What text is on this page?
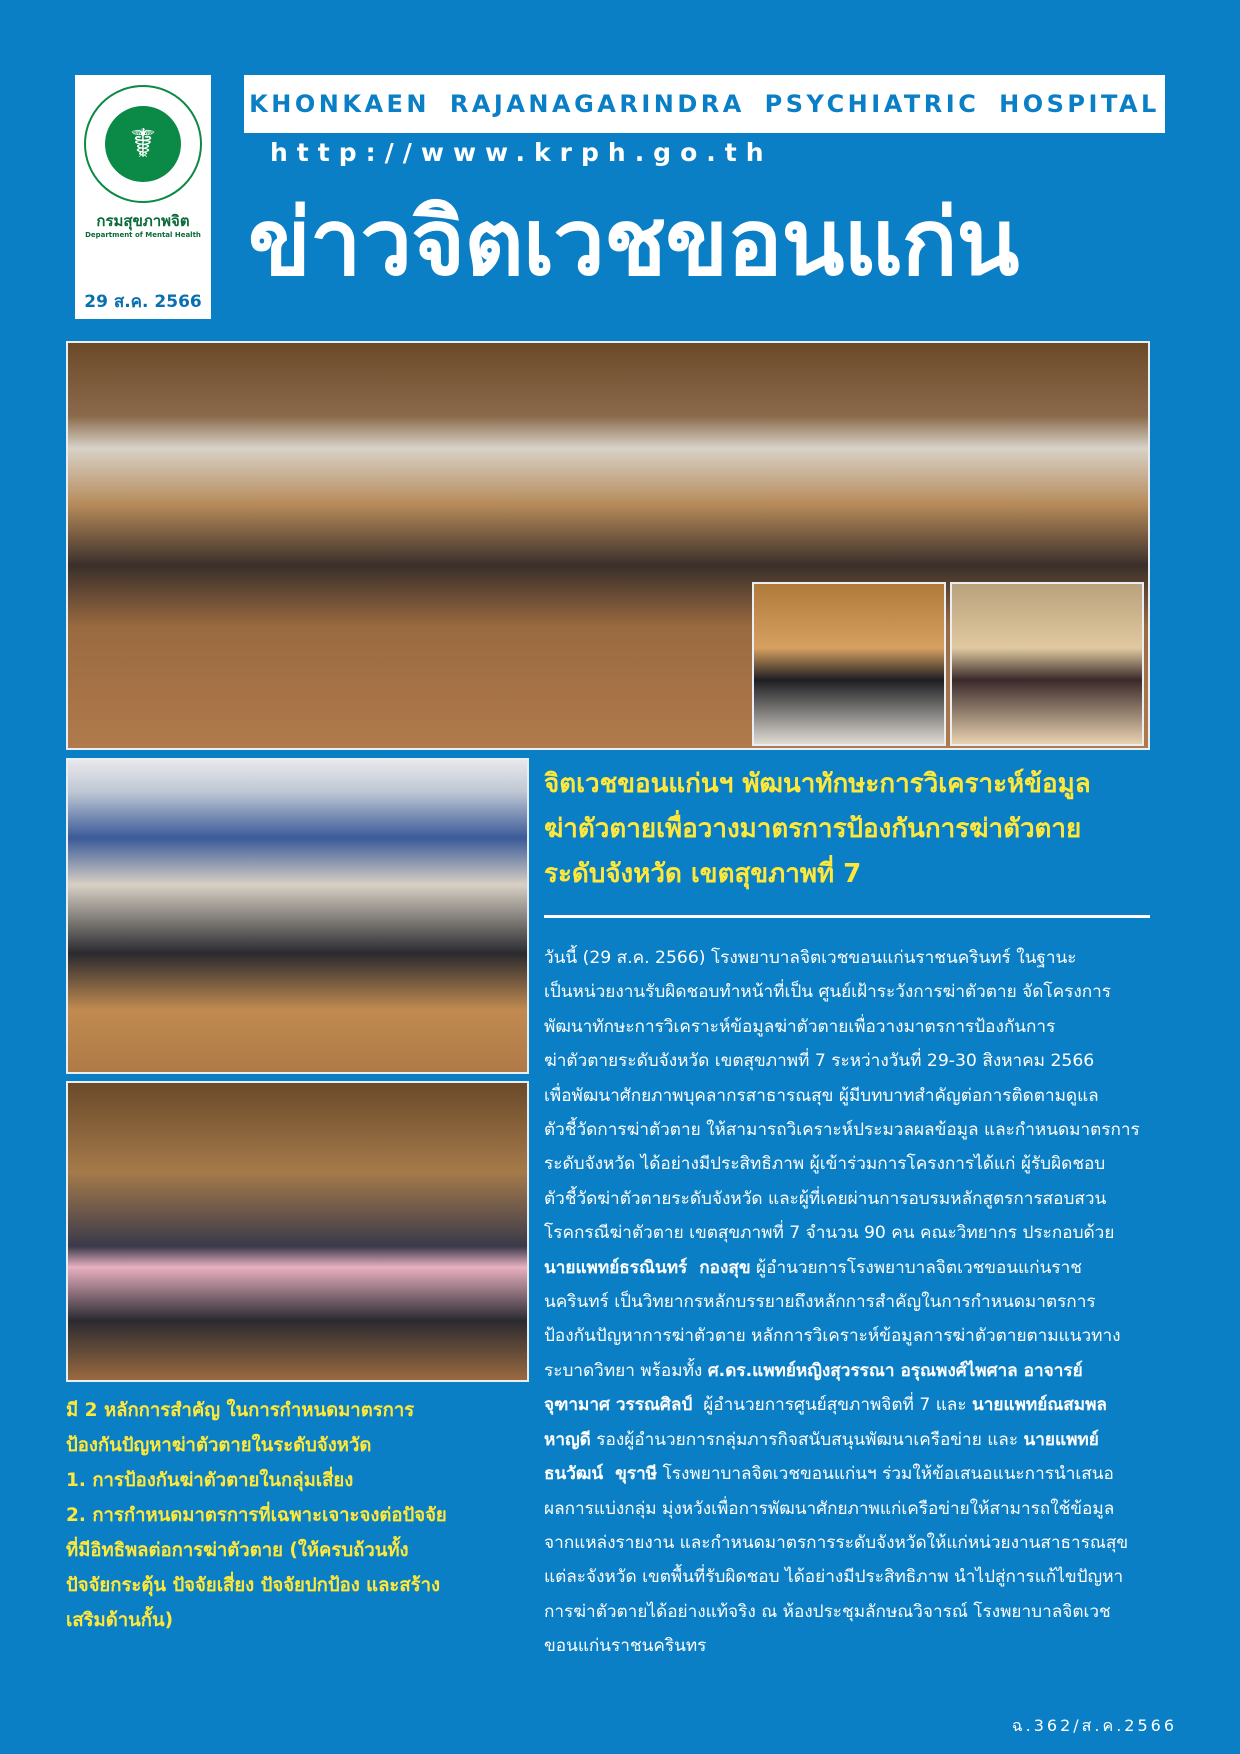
☤
กรมสุขภาพจิต
Department of Mental Health
29 ส.ค. 2566
KHONKAEN RAJANAGARINDRA PSYCHIATRIC HOSPITAL
http://www.krph.go.th
ข่าวจิตเวชขอนแก่น
จิตเวชขอนแก่นฯ พัฒนาทักษะการวิเคราะห์ข้อมูล
ฆ่าตัวตายเพื่อวางมาตรการป้องกันการฆ่าตัวตาย
ระดับจังหวัด เขตสุขภาพที่ 7
วันนี้ (29 ส.ค. 2566) โรงพยาบาลจิตเวชขอนแก่นราชนครินทร์ ในฐานะ
เป็นหน่วยงานรับผิดชอบทำหน้าที่เป็น ศูนย์เฝ้าระวังการฆ่าตัวตาย จัดโครงการ
พัฒนาทักษะการวิเคราะห์ข้อมูลฆ่าตัวตายเพื่อวางมาตรการป้องกันการ
ฆ่าตัวตายระดับจังหวัด เขตสุขภาพที่ 7 ระหว่างวันที่ 29-30 สิงหาคม 2566
เพื่อพัฒนาศักยภาพบุคลากรสาธารณสุข ผู้มีบทบาทสำคัญต่อการติดตามดูแล
ตัวชี้วัดการฆ่าตัวตาย ให้สามารถวิเคราะห์ประมวลผลข้อมูล และกำหนดมาตรการ
ระดับจังหวัด ได้อย่างมีประสิทธิภาพ ผู้เข้าร่วมการโครงการได้แก่ ผู้รับผิดชอบ
ตัวชี้วัดฆ่าตัวตายระดับจังหวัด และผู้ที่เคยผ่านการอบรมหลักสูตรการสอบสวน
โรคกรณีฆ่าตัวตาย เขตสุขภาพที่ 7 จำนวน 90 คน คณะวิทยากร ประกอบด้วย
นายแพทย์ธรณินทร์  กองสุข ผู้อำนวยการโรงพยาบาลจิตเวชขอนแก่นราช
นครินทร์ เป็นวิทยากรหลักบรรยายถึงหลักการสำคัญในการกำหนดมาตรการ
ป้องกันปัญหาการฆ่าตัวตาย หลักการวิเคราะห์ข้อมูลการฆ่าตัวตายตามแนวทาง
ระบาดวิทยา พร้อมทั้ง ศ.ดร.แพทย์หญิงสุวรรณา อรุณพงศ์ไพศาล อาจารย์
จุฑามาศ วรรณศิลป์  ผู้อำนวยการศูนย์สุขภาพจิตที่ 7 และ นายแพทย์ณสมพล
หาญดี รองผู้อำนวยการกลุ่มภารกิจสนับสนุนพัฒนาเครือข่าย และ นายแพทย์
ธนวัฒน์  ขุราษี โรงพยาบาลจิตเวชขอนแก่นฯ ร่วมให้ข้อเสนอแนะการนำเสนอ
ผลการแบ่งกลุ่ม มุ่งหวังเพื่อการพัฒนาศักยภาพแก่เครือข่ายให้สามารถใช้ข้อมูล
จากแหล่งรายงาน และกำหนดมาตรการระดับจังหวัดให้แก่หน่วยงานสาธารณสุข
แต่ละจังหวัด เขตพื้นที่รับผิดชอบ ได้อย่างมีประสิทธิภาพ นำไปสู่การแก้ไขปัญหา
การฆ่าตัวตายได้อย่างแท้จริง ณ ห้องประชุมลักษณวิจารณ์ โรงพยาบาลจิตเวช
ขอนแก่นราชนครินทร
มี 2 หลักการสำคัญ ในการกำหนดมาตรการ
ป้องกันปัญหาฆ่าตัวตายในระดับจังหวัด
1. การป้องกันฆ่าตัวตายในกลุ่มเสี่ยง
2. การกำหนดมาตรการที่เฉพาะเจาะจงต่อปัจจัย
ที่มีอิทธิพลต่อการฆ่าตัวตาย (ให้ครบถ้วนทั้ง
ปัจจัยกระตุ้น ปัจจัยเสี่ยง ปัจจัยปกป้อง และสร้าง
เสริมด้านกั้น)
ฉ.362/ส.ค.2566
